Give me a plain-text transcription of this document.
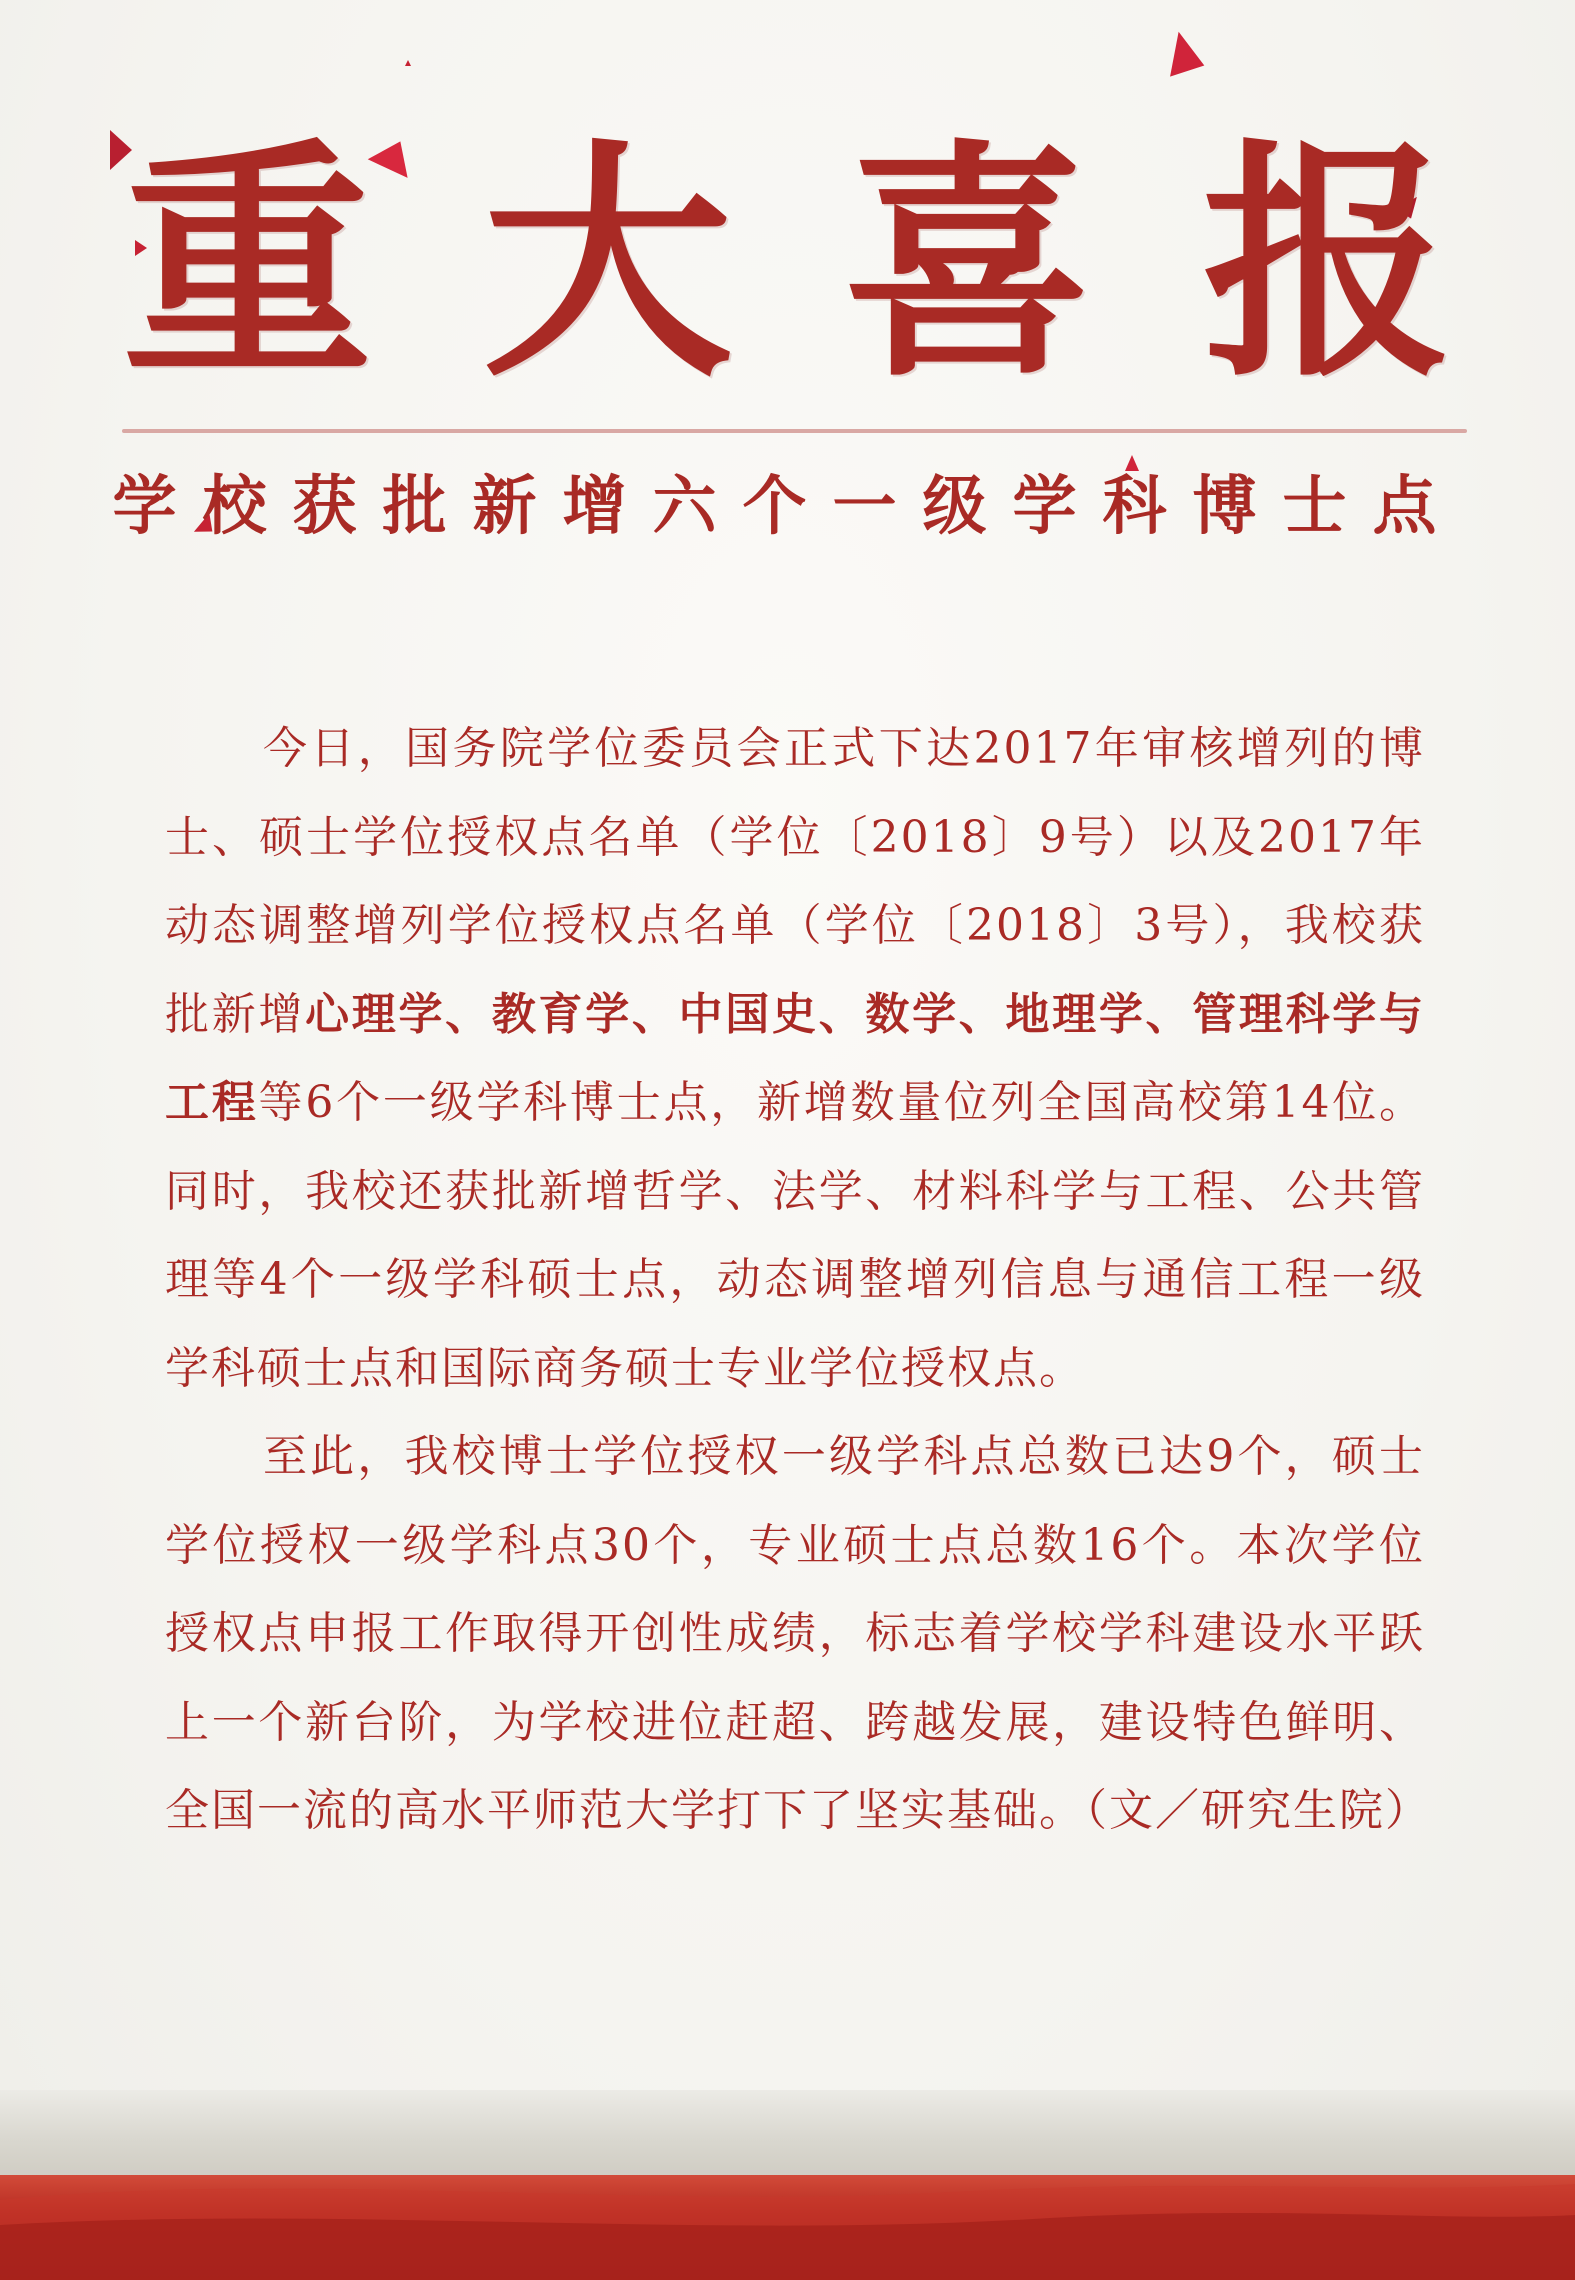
重 大 喜 报
学校获批新增六个一级学科博士点

今日，国务院学位委员会正式下达2017年审核增列的博士、硕士学位授权点名单（学位〔2018〕9号）以及2017年动态调整增列学位授权点名单（学位〔2018〕3号），我校获批新增心理学、教育学、中国史、数学、地理学、管理科学与工程等6个一级学科博士点，新增数量位列全国高校第14位。同时，我校还获批新增哲学、法学、材料科学与工程、公共管理等4个一级学科硕士点，动态调整增列信息与通信工程一级学科硕士点和国际商务硕士专业学位授权点。

至此，我校博士学位授权一级学科点总数已达9个，硕士学位授权一级学科点30个，专业硕士点总数16个。本次学位授权点申报工作取得开创性成绩，标志着学校学科建设水平跃上一个新台阶，为学校进位赶超、跨越发展，建设特色鲜明、全国一流的高水平师范大学打下了坚实基础。（文／研究生院）
